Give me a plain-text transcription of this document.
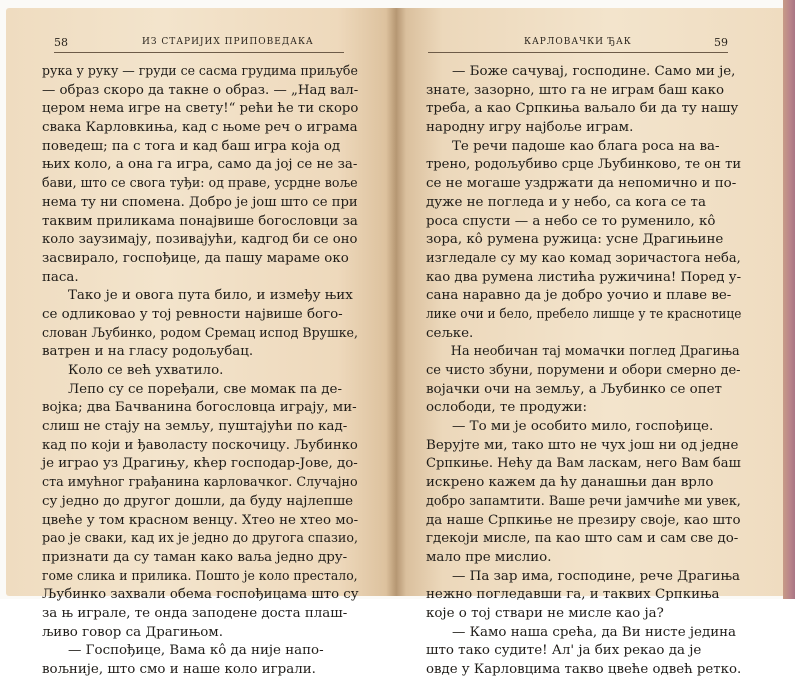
58	ИЗ СТАРИЈИХ ПРИПОВЕДАКА
рука у руку — груди се сасма грудима приљубе
— образ скоро да такне о образ. — „Над вал-
цером нема игре на свету!“ рећи ће ти скоро
свака Карловкиња, кад с њоме реч о играма
поведеш; па с тога и кад баш игра која од
њих коло, а она га игра, само да јој се не за-
бави, што се свога туђи: од праве, усрдне воље
нема ту ни спомена. Добро је још што се при
таквим приликама понајвише богословци за
коло заузимају, позивајући, кадгод би се оно
засвирало, госпођице, да пашу мараме око
паса.
Тако је и овога пута било, и између њих
се одликовао у тој ревности највише бого-
слован Љубинко, родом Сремац испод Врушке,
ватрен и на гласу родољубац.
Коло се већ ухватило.
Лепо су се поређали, све момак па де-
војка; два Бачванина богословца играју, ми-
слиш не стају на земљу, пуштајући по кад-
кад по који и ђаволасту поскочицу. Љубинко
је играо уз Драгињу, кћер господар-Јове, до-
ста имућног грађанина карловачког. Случајно
су једно до другог дошли, да буду најлепше
цвеће у том красном венцу. Хтео не хтео мо-
рао је сваки, кад их је једно до другога спазио,
признати да су таман како ваља једно дру-
гоме слика и прилика. Пошто је коло престало,
Љубинко захвали обема госпођицама што су
за њ играле, те онда заподене доста плаш-
љиво говор са Драгињом.
— Госпођице, Вама кô да није напо-
вољније, што смо и наше коло играли.
КАРЛОВАЧКИ ЂАК	59
— Боже сачувај, господине. Само ми је,
знате, зазорно, што га не играм баш како
треба, а као Српкиња ваљало би да ту нашу
народну игру најбоље играм.
Те речи падоше као блага роса на ва-
трено, родољубиво срце Љубинково, те он ти
се не могаше уздржати да непомично и по-
дуже не погледа и у небо, са кога се та
роса спусти — а небо се то руменило, кô
зора, кô румена ружица: усне Драгињине
изгледале су му као комад зоричастога неба,
као два румена листића ружичина! Поред у-
сана наравно да је добро уочио и плаве ве-
лике очи и бело, пребело лишце у те краснотице
сељке.
На необичан тај момачки поглед Драгиња
се чисто збуни, порумени и обори смерно де-
војачки очи на земљу, а Љубинко се опет
ослободи, те продужи:
— То ми је особито мило, госпођице.
Верујте ми, тако што не чух још ни од једне
Српкиње. Нећу да Вам ласкам, него Вам баш
искрено кажем да ћу данашњи дан врло
добро запамтити. Ваше речи јамчиће ми увек,
да наше Српкиње не презиру своје, као што
гдекоји мисле, па као што сам и сам све до-
мало пре мислио.
— Па зар има, господине, рече Драгиња
нежно погледавши га, и таквих Српкиња
које о тој ствари не мисле као ја?
— Камо наша срећа, да Ви нисте једина
што тако судите! Ал' ја бих рекао да је
овде у Карловцима такво цвеће одвећ ретко.
